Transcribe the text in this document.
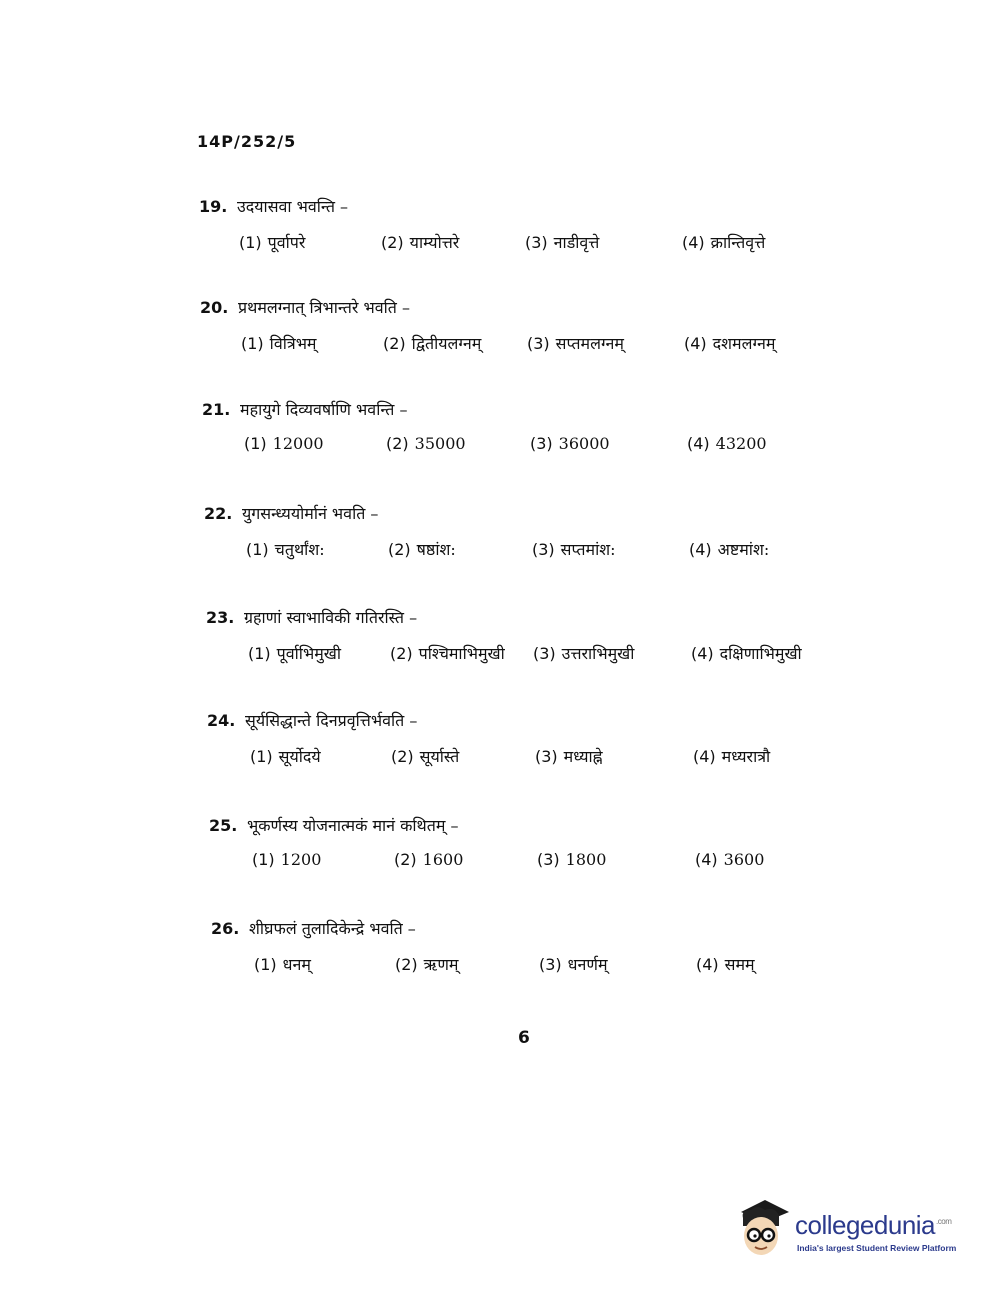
14P/252/5
19. उदयासवा भवन्ति –
(1) पूर्वापरे	(2) याम्योत्तरे	(3) नाडीवृत्ते	(4) क्रान्तिवृत्ते
20. प्रथमलग्नात् त्रिभान्तरे भवति –
(1) वित्रिभम्	(2) द्वितीयलग्नम्	(3) सप्तमलग्नम्	(4) दशमलग्नम्
21. महायुगे दिव्यवर्षाणि भवन्ति –
(1) 12000	(2) 35000	(3) 36000	(4) 43200
22. युगसन्ध्ययोर्मानं भवति –
(1) चतुर्थांश:	(2) षष्ठांश:	(3) सप्तमांश:	(4) अष्टमांश:
23. ग्रहाणां स्वाभाविकी गतिरस्ति –
(1) पूर्वाभिमुखी	(2) पश्चिमाभिमुखी (3) उत्तराभिमुखी	(4) दक्षिणाभिमुखी
24. सूर्यसिद्धान्ते दिनप्रवृत्तिर्भवति –
(1) सूर्योदये	(2) सूर्यास्ते	(3) मध्याह्ने	(4) मध्यरात्रौ
25. भूकर्णस्य योजनात्मकं मानं कथितम् –
(1) 1200	(2) 1600	(3) 1800	(4) 3600
26. शीघ्रफलं तुलादिकेन्द्रे भवति –
(1) धनम्	(2) ऋणम्	(3) धनर्णम्	(4) समम्
6
collegedunia$^{.com}$
India's largest Student Review Platform
